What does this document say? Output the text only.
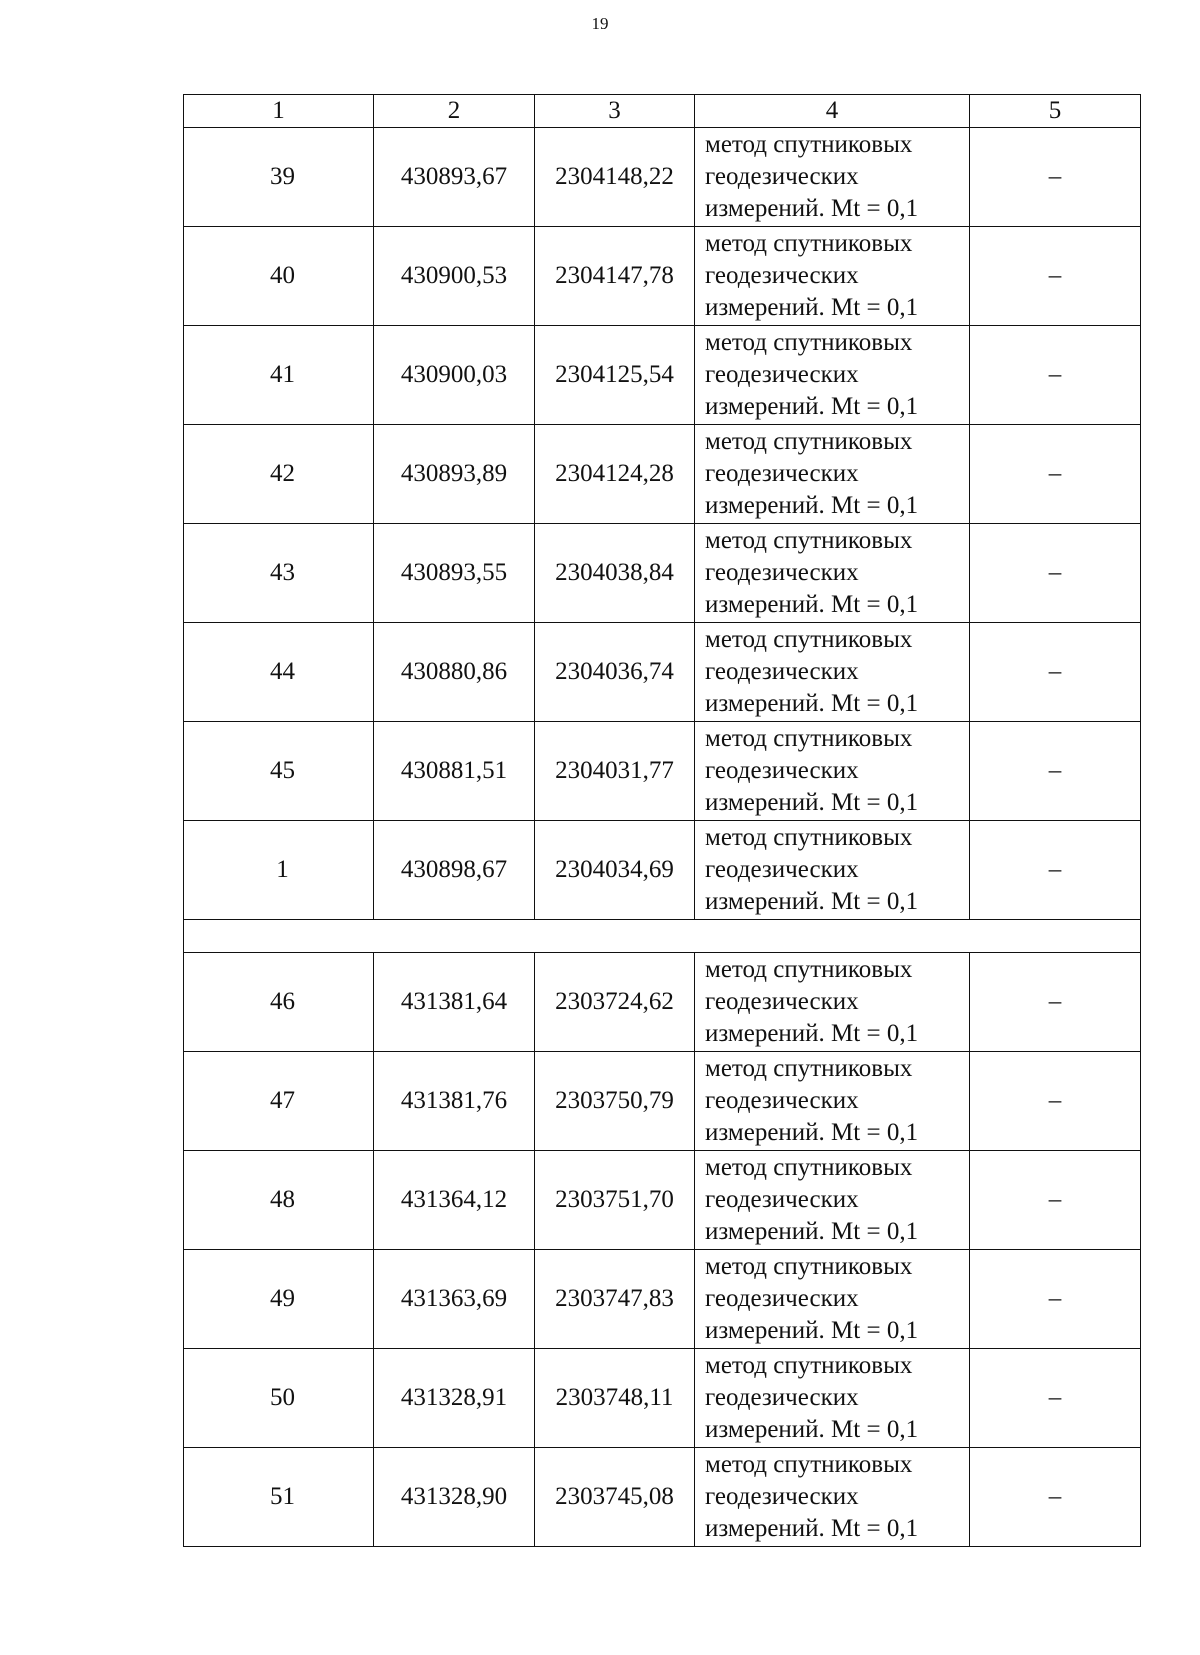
19
1	2	3	4	5
39	430893,67	2304148,22	метод спутниковых
геодезических
измерений. Mt = 0,1	–
40	430900,53	2304147,78	метод спутниковых
геодезических
измерений. Mt = 0,1	–
41	430900,03	2304125,54	метод спутниковых
геодезических
измерений. Mt = 0,1	–
42	430893,89	2304124,28	метод спутниковых
геодезических
измерений. Mt = 0,1	–
43	430893,55	2304038,84	метод спутниковых
геодезических
измерений. Mt = 0,1	–
44	430880,86	2304036,74	метод спутниковых
геодезических
измерений. Mt = 0,1	–
45	430881,51	2304031,77	метод спутниковых
геодезических
измерений. Mt = 0,1	–
1	430898,67	2304034,69	метод спутниковых
геодезических
измерений. Mt = 0,1	–

46	431381,64	2303724,62	метод спутниковых
геодезических
измерений. Mt = 0,1	–
47	431381,76	2303750,79	метод спутниковых
геодезических
измерений. Mt = 0,1	–
48	431364,12	2303751,70	метод спутниковых
геодезических
измерений. Mt = 0,1	–
49	431363,69	2303747,83	метод спутниковых
геодезических
измерений. Mt = 0,1	–
50	431328,91	2303748,11	метод спутниковых
геодезических
измерений. Mt = 0,1	–
51	431328,90	2303745,08	метод спутниковых
геодезических
измерений. Mt = 0,1	–
